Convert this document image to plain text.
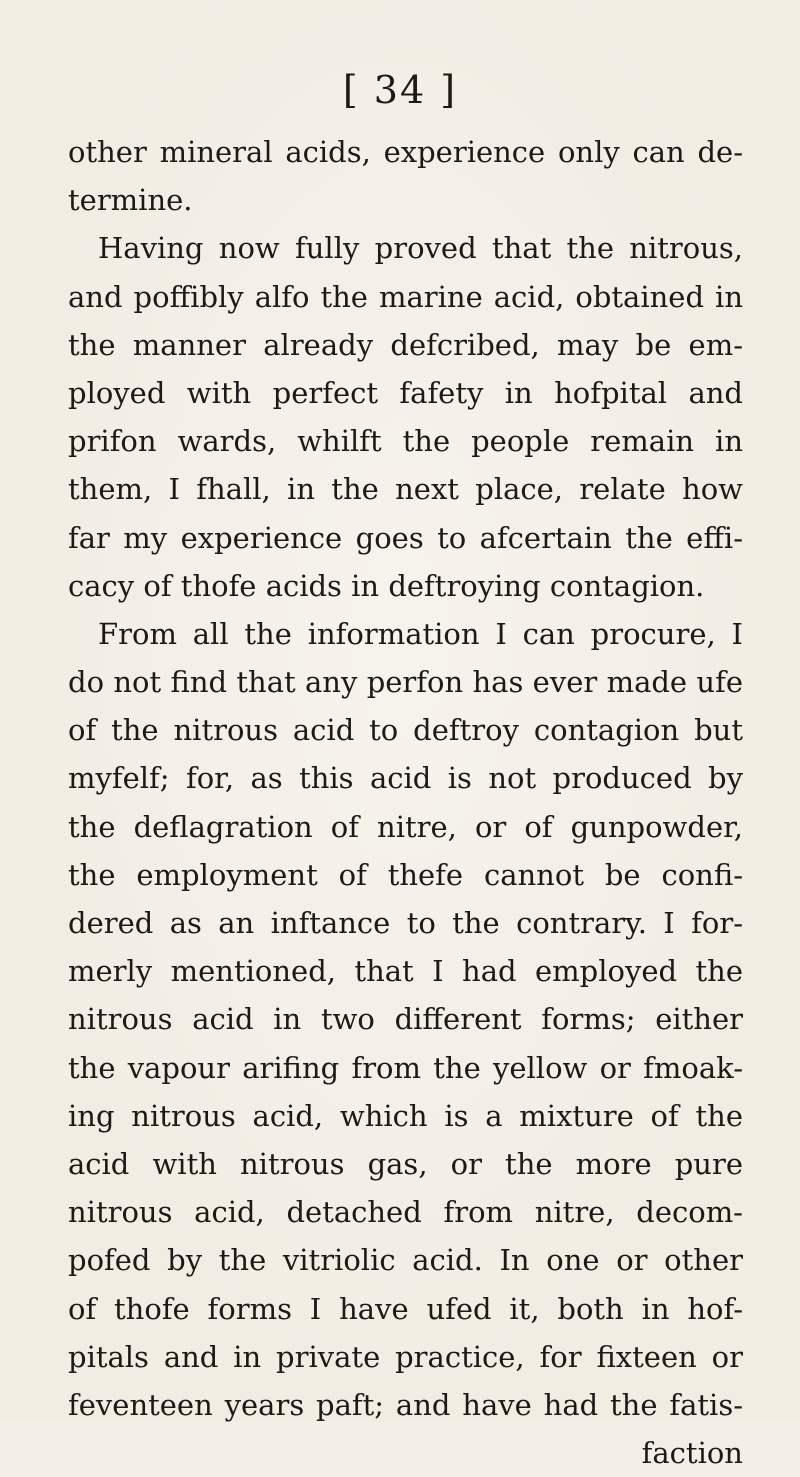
[ 34 ]
other mineral acids, experience only can de-
termine.
Having now fully proved that the nitrous,
and poffibly alfo the marine acid, obtained in
the manner already defcribed, may be em-
ployed with perfect fafety in hofpital and
prifon wards, whilft the people remain in
them, I fhall, in the next place, relate how
far my experience goes to afcertain the effi-
cacy of thofe acids in deftroying contagion.
From all the information I can procure, I
do not find that any perfon has ever made ufe
of the nitrous acid to deftroy contagion but
myfelf; for, as this acid is not produced by
the deflagration of nitre, or of gunpowder,
the employment of thefe cannot be confi-
dered as an inftance to the contrary. I for-
merly mentioned, that I had employed the
nitrous acid in two different forms; either
the vapour arifing from the yellow or fmoak-
ing nitrous acid, which is a mixture of the
acid with nitrous gas, or the more pure
nitrous acid, detached from nitre, decom-
pofed by the vitriolic acid. In one or other
of thofe forms I have ufed it, both in hof-
pitals and in private practice, for fixteen or
feventeen years paft; and have had the fatis-
faction
